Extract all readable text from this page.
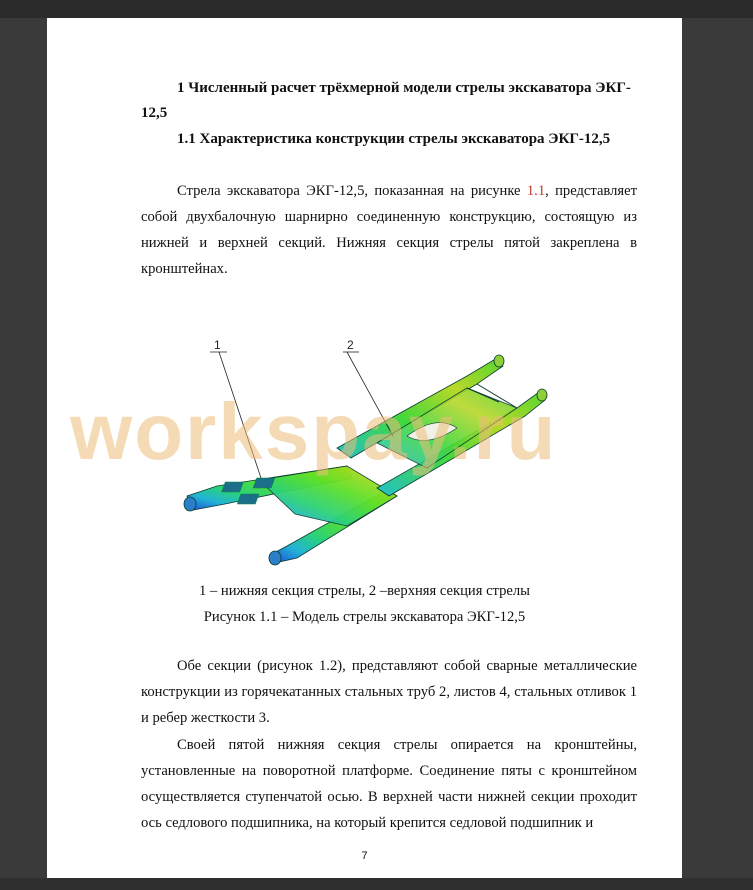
1 Численный расчет трёхмерной модели стрелы экскаватора ЭКГ-
12,5
1.1 Характеристика конструкции стрелы экскаватора ЭКГ-12,5

Стрела экскаватора ЭКГ-12,5, показанная на рисунке 1.1, представляет собой двухбалочную шарнирно соединенную конструкцию, состоящую из нижней и верхней секций. Нижняя секция стрелы пятой закреплена в кронштейнах.

1 – нижняя секция стрелы, 2 –верхняя секция стрелы
Рисунок 1.1 – Модель стрелы экскаватора ЭКГ-12,5

Обе секции (рисунок 1.2), представляют собой сварные металлические конструкции из горячекатанных стальных труб 2, листов 4, стальных отливок 1 и ребер жесткости 3.

Своей пятой нижняя секция стрелы опирается на кронштейны, установленные на поворотной платформе. Соединение пяты с кронштейном осуществляется ступенчатой осью. В верхней части нижней секции проходит ось седлового подшипника, на который крепится седловой подшипник и

7
1	2
workspay.ru
